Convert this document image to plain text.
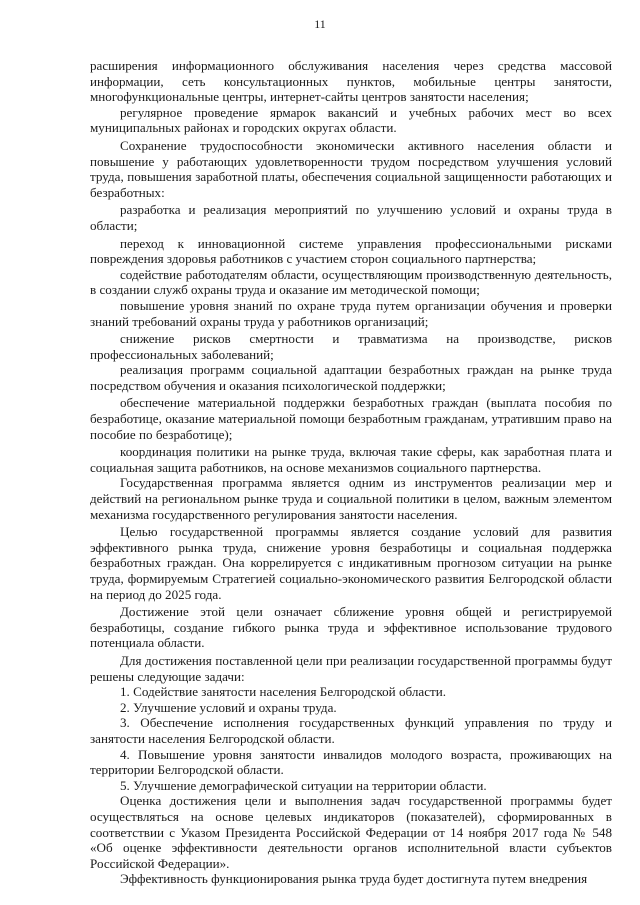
11

расширения информационного обслуживания населения через средства массовой информации, сеть консультационных пунктов, мобильные центры занятости, многофункциональные центры, интернет-сайты центров занятости населения;

регулярное проведение ярмарок вакансий и учебных рабочих мест во всех муниципальных районах и городских округах области.

Сохранение трудоспособности экономически активного населения области и повышение у работающих удовлетворенности трудом посредством улучшения условий труда, повышения заработной платы, обеспечения социальной защищенности работающих и безработных:

разработка и реализация мероприятий по улучшению условий и охраны труда в области;

переход к инновационной системе управления профессиональными рисками повреждения здоровья работников с участием сторон социального партнерства;

содействие работодателям области, осуществляющим производственную деятельность, в создании служб охраны труда и оказание им методической помощи;

повышение уровня знаний по охране труда путем организации обучения и проверки знаний требований охраны труда у работников организаций;

снижение рисков смертности и травматизма на производстве, рисков профессиональных заболеваний;

реализация программ социальной адаптации безработных граждан на рынке труда посредством обучения и оказания психологической поддержки;

обеспечение материальной поддержки безработных граждан (выплата пособия по безработице, оказание материальной помощи безработным гражданам, утратившим право на пособие по безработице);

координация политики на рынке труда, включая такие сферы, как заработная плата и социальная защита работников, на основе механизмов социального партнерства.

Государственная программа является одним из инструментов реализации мер и действий на региональном рынке труда и социальной политики в целом, важным элементом механизма государственного регулирования занятости населения.

Целью государственной программы является создание условий для развития эффективного рынка труда, снижение уровня безработицы и социальная поддержка безработных граждан. Она коррелируется с индикативным прогнозом ситуации на рынке труда, формируемым Стратегией социально-экономического развития Белгородской области на период до 2025 года.

Достижение этой цели означает сближение уровня общей и регистрируемой безработицы, создание гибкого рынка труда и эффективное использование трудового потенциала области.

Для достижения поставленной цели при реализации государственной программы будут решены следующие задачи:

1. Содействие занятости населения Белгородской области.

2. Улучшение условий и охраны труда.

3. Обеспечение исполнения государственных функций управления по труду и занятости населения Белгородской области.

4. Повышение уровня занятости инвалидов молодого возраста, проживающих на территории Белгородской области.

5. Улучшение демографической ситуации на территории области.

Оценка достижения цели и выполнения задач государственной программы будет осуществляться на основе целевых индикаторов (показателей), сформированных в соответствии с Указом Президента Российской Федерации от 14 ноября 2017 года № 548 «Об оценке эффективности деятельности органов исполнительной власти субъектов Российской Федерации».

Эффективность функционирования рынка труда будет достигнута путем внедрения
